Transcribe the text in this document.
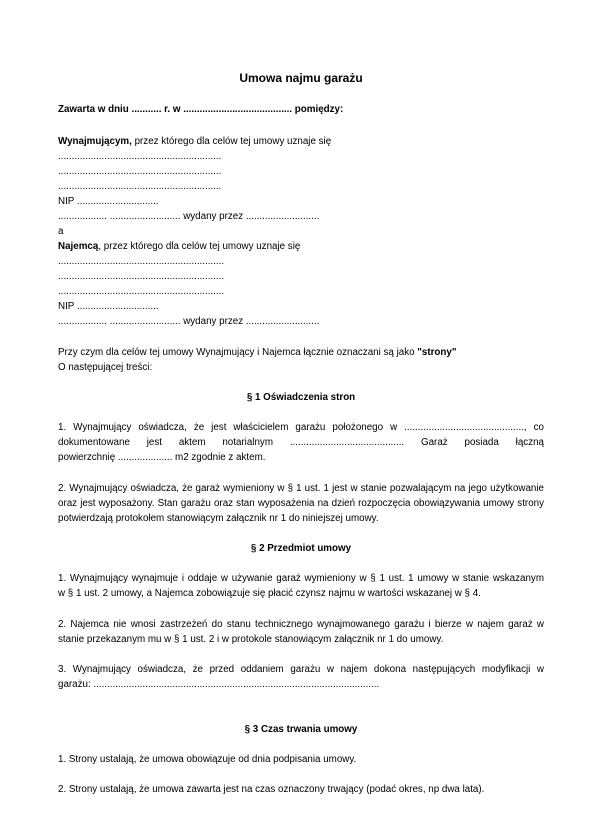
Umowa najmu garażu

Zawarta w dniu ........... r. w ........................................ pomiędzy:

Wynajmującym, przez którego dla celów tej umowy uznaje się

............................................................

............................................................

............................................................

NIP ..............................

.................. .......................... wydany przez ...........................

a

Najemcą, przez którego dla celów tej umowy uznaje się

.............................................................

.............................................................

.............................................................

NIP ..............................

.................. .......................... wydany przez ...........................

Przy czym dla celów tej umowy Wynajmujący i Najemca łącznie oznaczani są jako "strony"

O następującej treści:

§ 1 Oświadczenia stron

1. Wynajmujący oświadcza, że jest właścicielem garażu położonego w ............................................, co

dokumentowane jest aktem notarialnym .......................................... Garaż posiada łączną

powierzchnię .................... m2 zgodnie z aktem.

2. Wynajmujący oświadcza, że garaż wymieniony w § 1 ust. 1 jest w stanie pozwalającym na jego użytkowanie

oraz jest wyposażony. Stan garażu oraz stan wyposażenia na dzień rozpoczęcia obowiązywania umowy strony

potwierdzają protokołem stanowiącym załącznik nr 1 do niniejszej umowy.

§ 2 Przedmiot umowy

1. Wynajmujący wynajmuje i oddaje w używanie garaż wymieniony w § 1 ust. 1 umowy w stanie wskazanym

w § 1 ust. 2 umowy, a Najemca zobowiązuje się płacić czynsz najmu w wartości wskazanej w § 4.

2. Najemca nie wnosi zastrzeżeń do stanu technicznego wynajmowanego garażu i bierze w najem garaż w

stanie przekazanym mu w § 1 ust. 2 i w protokole stanowiącym załącznik nr 1 do umowy.

3. Wynajmujący oświadcza, że przed oddaniem garażu w najem dokona następujących modyfikacji w

garażu: .........................................................................................................

§ 3 Czas trwania umowy

1. Strony ustalają, że umowa obowiązuje od dnia podpisania umowy.

2. Strony ustalają, że umowa zawarta jest na czas oznaczony trwający (podać okres, np dwa lata).
